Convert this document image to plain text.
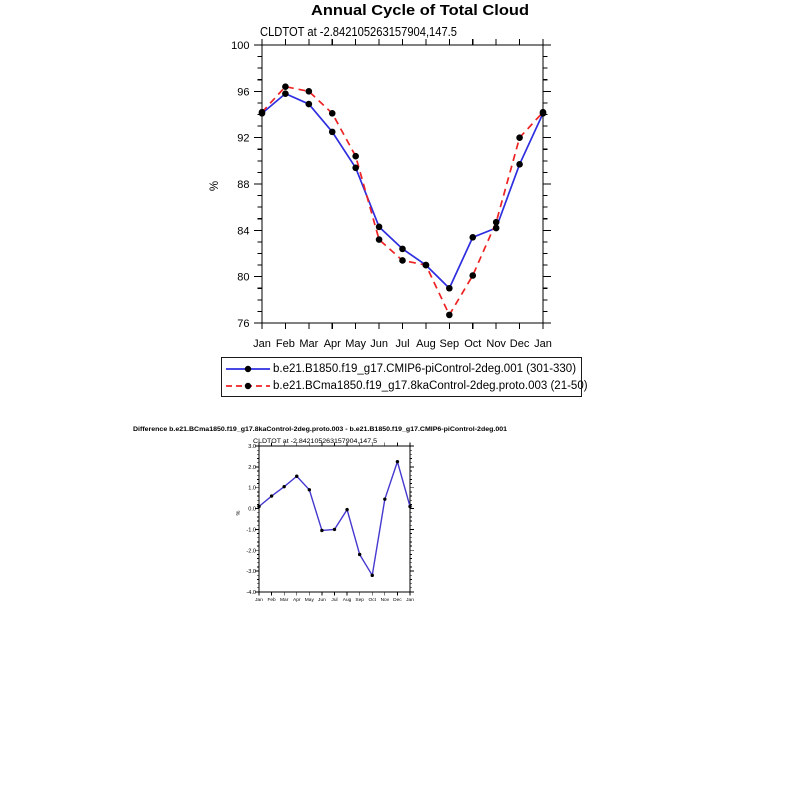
Annual Cycle of Total Cloud
CLDTOT at -2.842105263157904,147.5
%
76
80
84
88
92
96
100
Jan Feb Mar Apr May Jun Jul Aug Sep Oct Nov Dec Jan
b.e21.B1850.f19_g17.CMIP6-piControl-2deg.001 (301-330)
b.e21.BCma1850.f19_g17.8kaControl-2deg.proto.003 (21-50)
Difference b.e21.BCma1850.f19_g17.8kaControl-2deg.proto.003 - b.e21.B1850.f19_g17.CMIP6-piControl-2deg.001
CLDTOT at -2.842105263157904,147.5
%
-4.0
-3.0
-2.0
-1.0
0.0
1.0
2.0
3.0
Jan Feb Mar Apr May Jun Jul Aug Sep Oct Nov Dec Jan
